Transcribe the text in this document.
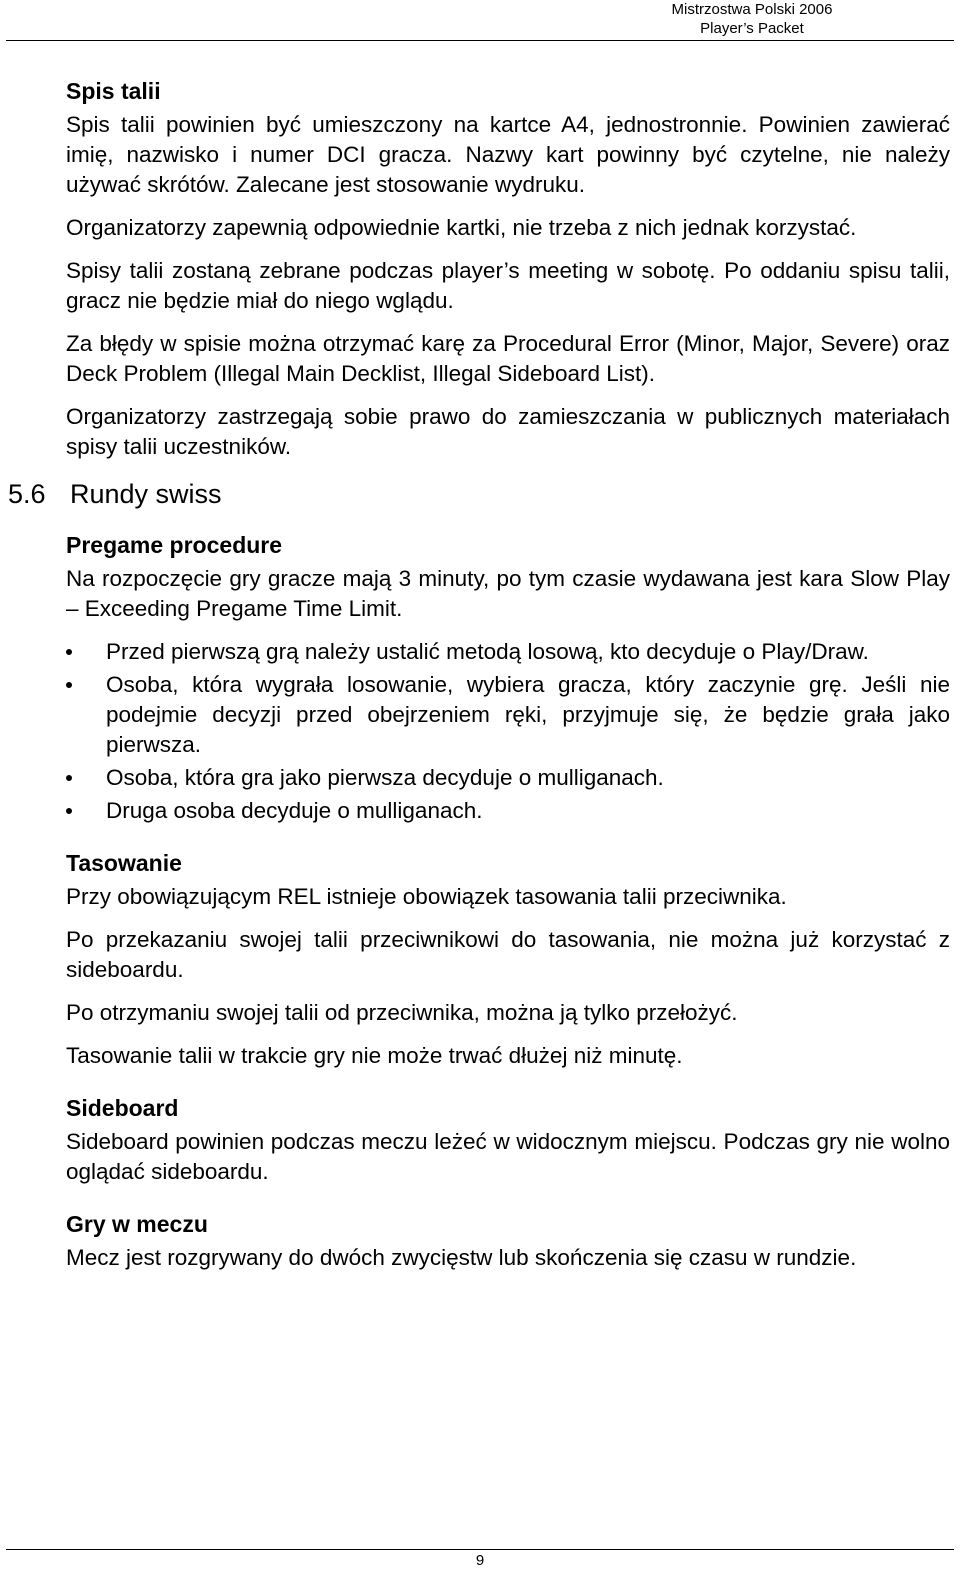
Mistrzostwa Polski 2006
Player’s Packet
Spis talii

Spis talii powinien być umieszczony na kartce A4, jednostronnie. Powinien zawierać imię, nazwisko i numer DCI gracza. Nazwy kart powinny być czytelne, nie należy używać skrótów. Zalecane jest stosowanie wydruku.

Organizatorzy zapewnią odpowiednie kartki, nie trzeba z nich jednak korzystać.

Spisy talii zostaną zebrane podczas player’s meeting w sobotę. Po oddaniu spisu talii, gracz nie będzie miał do niego wglądu.

Za błędy w spisie można otrzymać karę za Procedural Error (Minor, Major, Severe) oraz Deck Problem (Illegal Main Decklist, Illegal Sideboard List).

Organizatorzy zastrzegają sobie prawo do zamieszczania w publicznych materiałach spisy talii uczestników.

5.6 Rundy swiss
Pregame procedure

Na rozpoczęcie gry gracze mają 3 minuty, po tym czasie wydawana jest kara Slow Play – Exceeding Pregame Time Limit.

Przed pierwszą grą należy ustalić metodą losową, kto decyduje o Play/Draw.
Osoba, która wygrała losowanie, wybiera gracza, który zaczynie grę. Jeśli nie podejmie decyzji przed obejrzeniem ręki, przyjmuje się, że będzie grała jako pierwsza.
Osoba, która gra jako pierwsza decyduje o mulliganach.
Druga osoba decyduje o mulliganach.
Tasowanie

Przy obowiązującym REL istnieje obowiązek tasowania talii przeciwnika.

Po przekazaniu swojej talii przeciwnikowi do tasowania, nie można już korzystać z sideboardu.

Po otrzymaniu swojej talii od przeciwnika, można ją tylko przełożyć.

Tasowanie talii w trakcie gry nie może trwać dłużej niż minutę.

Sideboard

Sideboard powinien podczas meczu leżeć w widocznym miejscu. Podczas gry nie wolno oglądać sideboardu.

Gry w meczu

Mecz jest rozgrywany do dwóch zwycięstw lub skończenia się czasu w rundzie.

9
